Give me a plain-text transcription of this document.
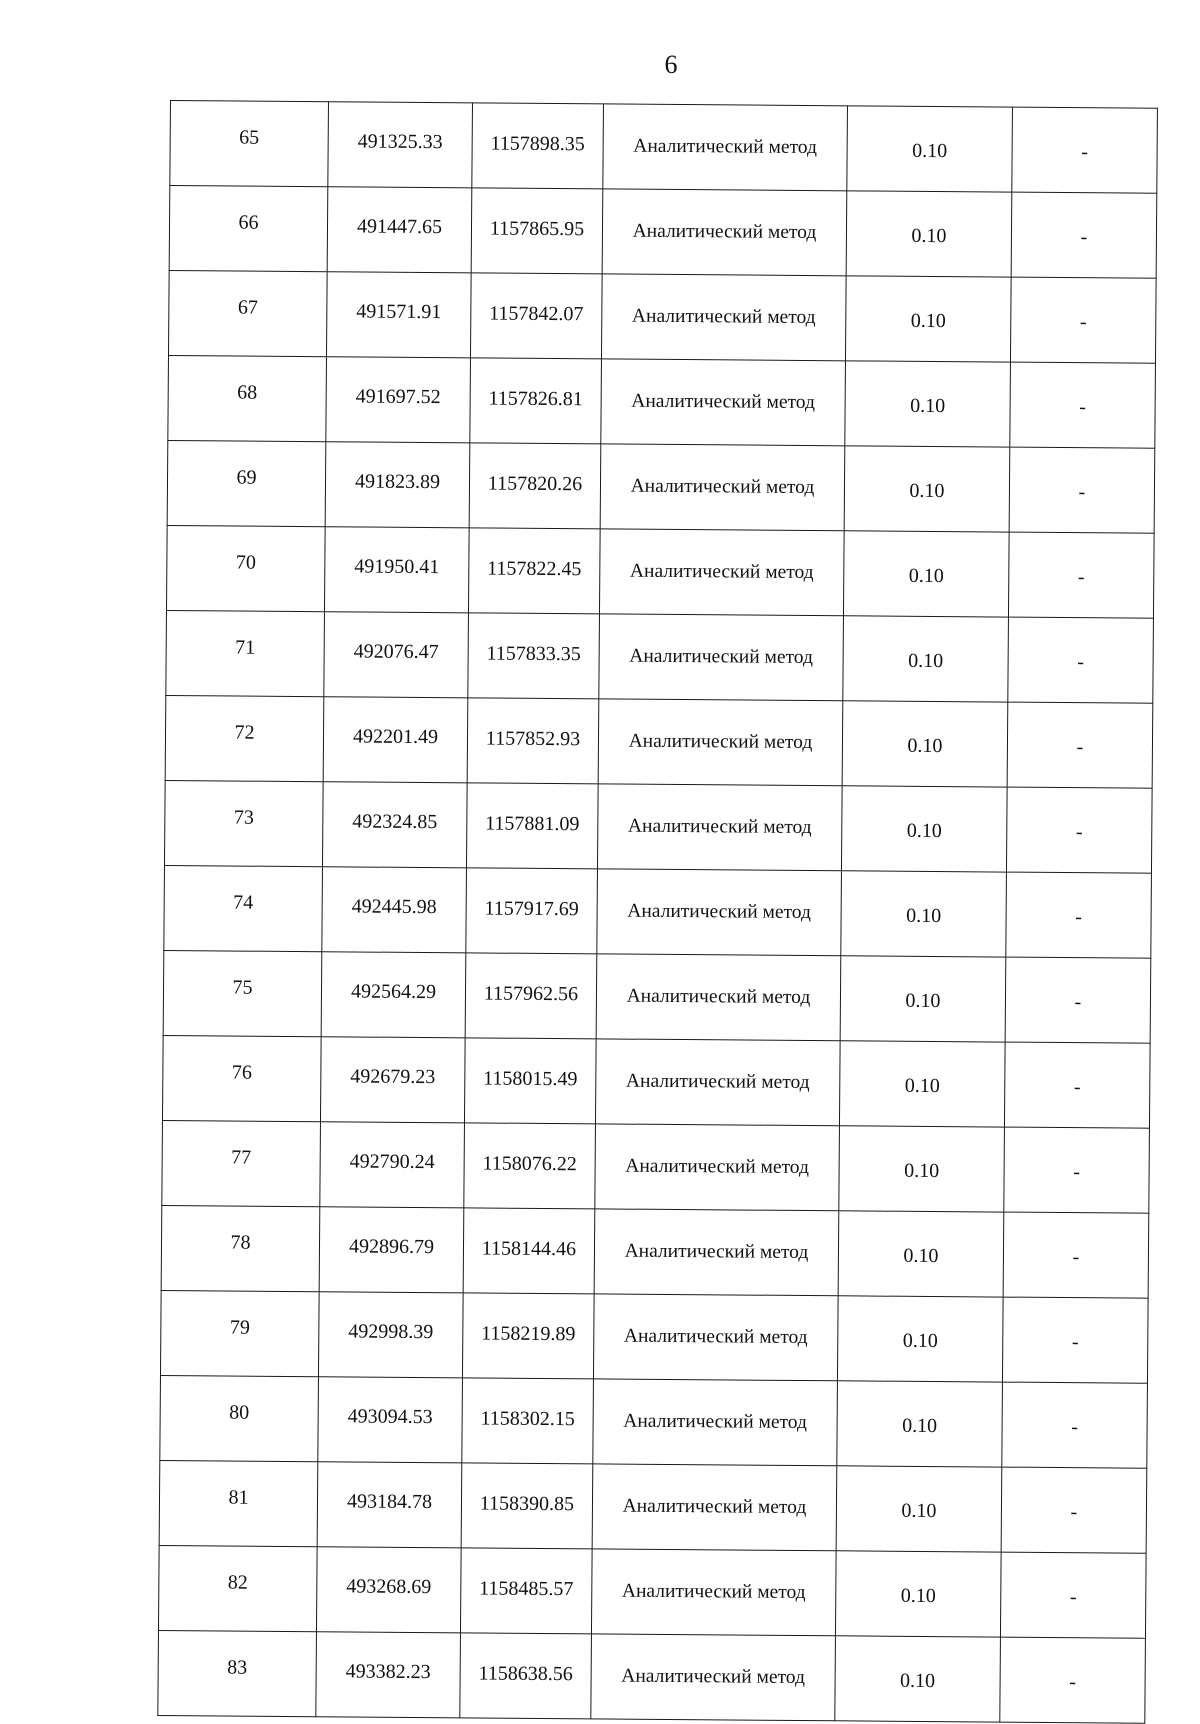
6
65	491325.33	1157898.35	Аналитический метод	0.10	-
66	491447.65	1157865.95	Аналитический метод	0.10	-
67	491571.91	1157842.07	Аналитический метод	0.10	-
68	491697.52	1157826.81	Аналитический метод	0.10	-
69	491823.89	1157820.26	Аналитический метод	0.10	-
70	491950.41	1157822.45	Аналитический метод	0.10	-
71	492076.47	1157833.35	Аналитический метод	0.10	-
72	492201.49	1157852.93	Аналитический метод	0.10	-
73	492324.85	1157881.09	Аналитический метод	0.10	-
74	492445.98	1157917.69	Аналитический метод	0.10	-
75	492564.29	1157962.56	Аналитический метод	0.10	-
76	492679.23	1158015.49	Аналитический метод	0.10	-
77	492790.24	1158076.22	Аналитический метод	0.10	-
78	492896.79	1158144.46	Аналитический метод	0.10	-
79	492998.39	1158219.89	Аналитический метод	0.10	-
80	493094.53	1158302.15	Аналитический метод	0.10	-
81	493184.78	1158390.85	Аналитический метод	0.10	-
82	493268.69	1158485.57	Аналитический метод	0.10	-
83	493382.23	1158638.56	Аналитический метод	0.10	-
